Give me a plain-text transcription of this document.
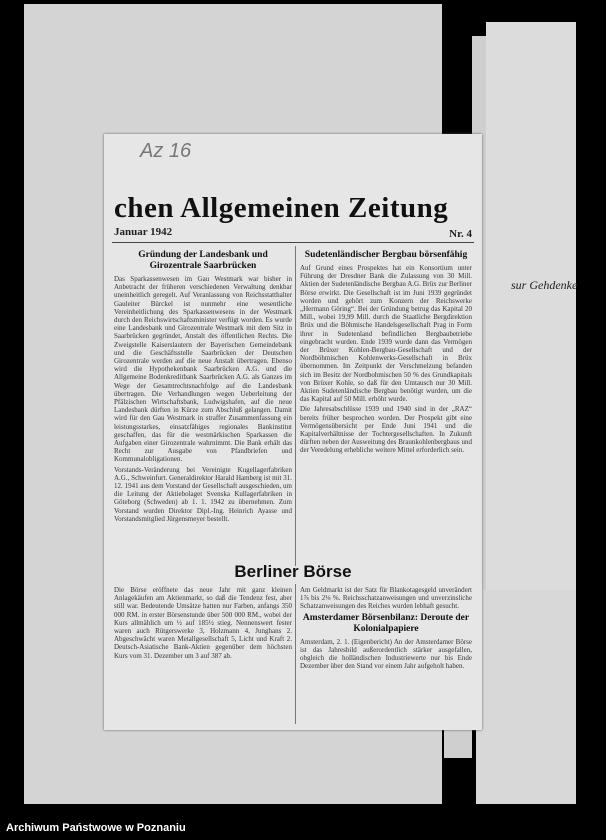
sur Gehdenke
Az 16
chen Allgemeinen Zeitung
Januar 1942	Nr. 4
Gründung der Landesbank und Girozentrale Saarbrücken

Das Sparkassenwesen im Gau Westmark war bisher in Anbetracht der früheren verschiedenen Verwaltung denkbar uneinheitlich geregelt. Auf Veranlassung von Reichsstatthalter Gauleiter Bürckel ist nunmehr eine wesentliche Vereinheitlichung des Sparkassenwesens in der Westmark durch den Reichswirtschaftsminister verfügt worden. Es wurde eine Landesbank und Girozentrale Westmark mit dem Sitz in Saarbrücken gegründet, Anstalt des öffentlichen Rechts. Die Zweigstelle Kaiserslautern der Bayerischen Gemeindebank und die Geschäftsstelle Saarbrücken der Deutschen Girozentrale werden auf die neue Anstalt übertragen. Ebenso wird die Hypothekenbank Saarbrücken A.G. und die Allgemeine Bodenkreditbank Saarbrücken A.G. als Ganzes im Wege der Gesamtrechtsnachfolge auf die Landesbank übertragen. Die Verhandlungen wegen Ueberleitung der Pfälzischen Wirtschaftsbank, Ludwigshafen, auf die neue Landesbank dürften in Kürze zum Abschluß gelangen. Damit wird für den Gau Westmark in straffer Zusammenfassung ein leistungsstarkes, einsatzfähiges regionales Bankinstitut geschaffen, das für die westmärkischen Sparkassen die Aufgaben einer Girozentrale wahrnimmt. Die Bank erhält das Recht zur Ausgabe von Pfandbriefen und Kommunalobligationen.

Vorstands-Veränderung bei Vereinigte Kugellagerfabriken A.G., Schweinfurt. Generaldirektor Harald Hamberg ist mit 31. 12. 1941 aus dem Vorstand der Gesellschaft ausgeschieden, um die Leitung der Aktiebolaget Svenska Kullagerfabriken in Göteborg (Schweden) ab 1. 1. 1942 zu übernehmen. Zum Vorstand wurden Direktor Dipl.-Ing. Heinrich Ayasse und Vorstandsmitglied Jürgensmeyer bestellt.

Sudetenländischer Bergbau börsenfähig

Auf Grund eines Prospektes hat ein Konsortium unter Führung der Dresdner Bank die Zulassung von 30 Mill. Aktien der Sudetenländische Bergbau A.G. Brüx zur Berliner Börse erwirkt. Die Gesellschaft ist im Juni 1939 gegründet worden und gehört zum Konzern der Reichswerke „Hermann Göring“. Bei der Gründung betrug das Kapital 20 Mill., wobei 19,99 Mill. durch die Staatliche Bergdirektion Brüx und die Böhmische Handelsgesellschaft Prag in Form ihrer in Sudetenland befindlichen Bergbaubetriebe eingebracht wurden. Ende 1939 wurde dann das Vermögen der Brüxer Kohlen-Bergbau-Gesellschaft und der Nordböhmischen Kohlenwerks-Gesellschaft in Brüx übernommen. Im Zeitpunkt der Verschmelzung befanden sich im Besitz der Nordbohmischen 50 % des Grundkapitals von Brüxer Kohle, so daß für den Umtausch nur 30 Mill. Aktien Sudetenländische Bergbau benötigt wurden, um die das Kapital auf 50 Mill. erhöht wurde.

Die Jahresabschlüsse 1939 und 1940 sind in der „RAZ“ bereits früher besprochen worden. Der Prospekt gibt eine Vermögensübersicht per Ende Juni 1941 und die Kapitalverhältnisse der Tochtergesellschaften. In Zukunft dürften neben der Ausweitung des Braunkohlenbergbaus und der Veredelung erhebliche weitere Mittel erforderlich sein.

Berliner Börse

Die Börse eröffnete das neue Jahr mit ganz kleinen Anlagekäufen am Aktienmarkt, so daß die Tendenz fest, aber still war. Bedeutende Umsätze hatten nur Farben, anfangs 350 000 RM. in erster Börsenstunde über 500 000 RM., wobei der Kurs allmählich um ½ auf 185½ stieg. Nennenswert fester waren auch Rütgerswerke 3, Holzmann 4, Junghans 2. Abgeschwächt waren Metallgesellschaft 5, Licht und Kraft 2. Deutsch-Asiatische Bank-Aktien gegenüber dem höchsten Kurs vom 31. Dezember um 3 auf 387 ab.

Am Geldmarkt ist der Satz für Blankotagesgeld unverändert 1⅞ bis 2⅛ %. Reichsschatzanweisungen und unverzinsliche Schatzanweisungen des Reiches wurden lebhaft gesucht.

Amsterdamer Börsenbilanz: Deroute der Kolonialpapiere

Amsterdam, 2. 1. (Eigenbericht) An der Amsterdamer Börse ist das Jahresbild außerordentlich stärker ausgefallen, obgleich die holländischen Industriewerte nur bis Ende Dezember über den Stand vor einem Jahr aufgeholt haben.

Archiwum Państwowe w Poznaniu
